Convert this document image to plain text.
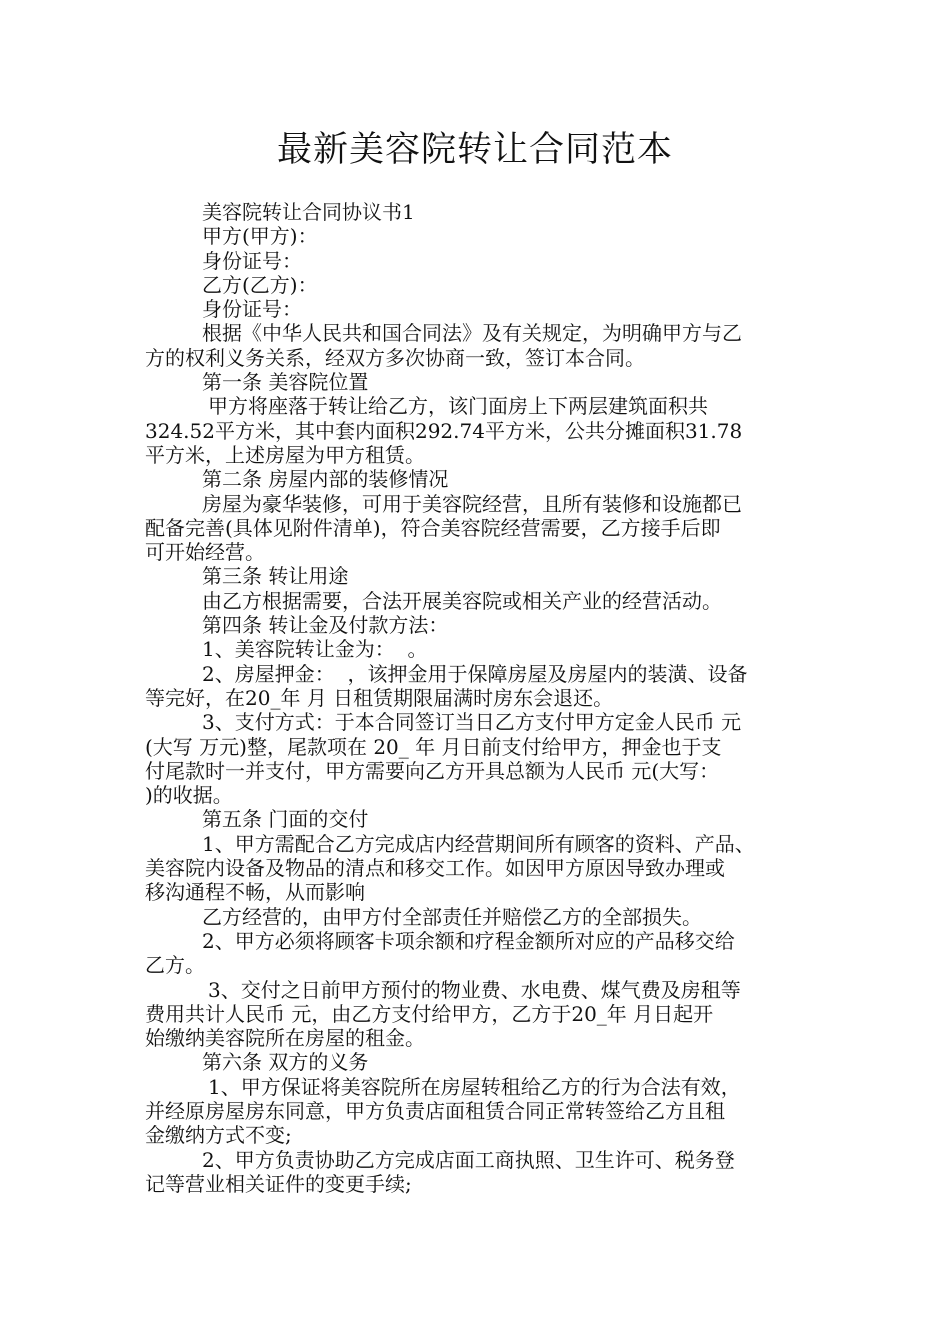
最新美容院转让合同范本
美容院转让合同协议书1
甲方(甲方)：
身份证号：
乙方(乙方)：
身份证号：
根据《中华人民共和国合同法》及有关规定，为明确甲方与乙
方的权利义务关系，经双方多次协商一致，签订本合同。
第一条 美容院位置
甲方将座落于转让给乙方，该门面房上下两层建筑面积共
324.52平方米，其中套内面积292.74平方米，公共分摊面积31.78
平方米，上述房屋为甲方租赁。
第二条 房屋内部的装修情况
房屋为豪华装修，可用于美容院经营，且所有装修和设施都已
配备完善(具体见附件清单)，符合美容院经营需要，乙方接手后即
可开始经营。
第三条 转让用途
由乙方根据需要，合法开展美容院或相关产业的经营活动。
第四条 转让金及付款方法：
1、美容院转让金为：  。
2、房屋押金：  ，该押金用于保障房屋及房屋内的装潢、设备
等完好，在20_年 月 日租赁期限届满时房东会退还。
3、支付方式：于本合同签订当日乙方支付甲方定金人民币 元
(大写 万元)整，尾款项在 20_ 年 月日前支付给甲方，押金也于支
付尾款时一并支付，甲方需要向乙方开具总额为人民币 元(大写：
)的收据。
第五条 门面的交付
1、甲方需配合乙方完成店内经营期间所有顾客的资料、产品、
美容院内设备及物品的清点和移交工作。如因甲方原因导致办理或
移沟通程不畅，从而影响
乙方经营的，由甲方付全部责任并赔偿乙方的全部损失。
2、甲方必须将顾客卡项余额和疗程金额所对应的产品移交给
乙方。
3、交付之日前甲方预付的物业费、水电费、煤气费及房租等
费用共计人民币 元，由乙方支付给甲方，乙方于20_年 月日起开
始缴纳美容院所在房屋的租金。
第六条 双方的义务
1、甲方保证将美容院所在房屋转租给乙方的行为合法有效，
并经原房屋房东同意，甲方负责店面租赁合同正常转签给乙方且租
金缴纳方式不变;
2、甲方负责协助乙方完成店面工商执照、卫生许可、税务登
记等营业相关证件的变更手续;
